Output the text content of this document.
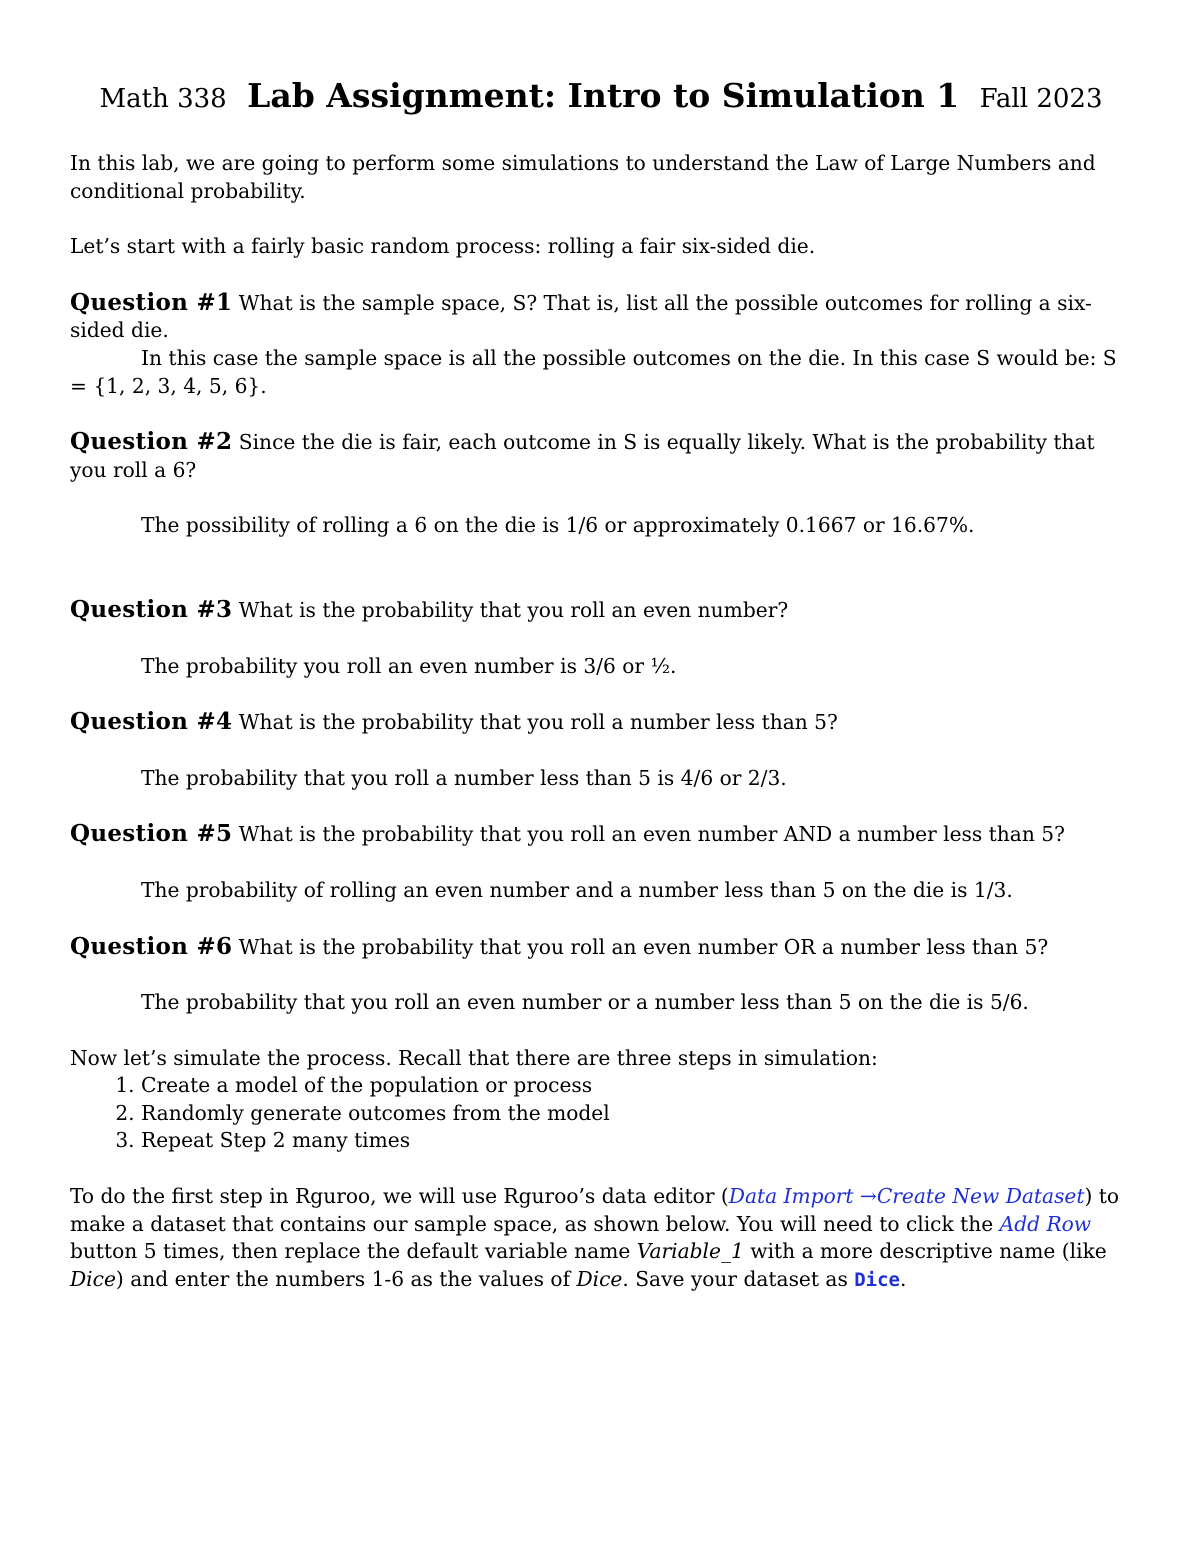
Math 338 Lab Assignment: Intro to Simulation 1 Fall 2023

In this lab, we are going to perform some simulations to understand the Law of Large Numbers and conditional probability.

Let’s start with a fairly basic random process: rolling a fair six-sided die.

Question #1 What is the sample space, S? That is, list all the possible outcomes for rolling a six-sided die.

In this case the sample space is all the possible outcomes on the die. In this case S would be: S = {1, 2, 3, 4, 5, 6}.

Question #2 Since the die is fair, each outcome in S is equally likely. What is the probability that you roll a 6?

The possibility of rolling a 6 on the die is 1/6 or approximately 0.1667 or 16.67%.

Question #3 What is the probability that you roll an even number?

The probability you roll an even number is 3/6 or ½.

Question #4 What is the probability that you roll a number less than 5?

The probability that you roll a number less than 5 is 4/6 or 2/3.

Question #5 What is the probability that you roll an even number AND a number less than 5?

The probability of rolling an even number and a number less than 5 on the die is 1/3.

Question #6 What is the probability that you roll an even number OR a number less than 5?

The probability that you roll an even number or a number less than 5 on the die is 5/6.

Now let’s simulate the process. Recall that there are three steps in simulation:

1. Create a model of the population or process
2. Randomly generate outcomes from the model
3. Repeat Step 2 many times

To do the first step in Rguroo, we will use Rguroo’s data editor (Data Import →Create New Dataset) to make a dataset that contains our sample space, as shown below. You will need to click the Add Row button 5 times, then replace the default variable name Variable_1 with a more descriptive name (like Dice) and enter the numbers 1-6 as the values of Dice. Save your dataset as Dice.
